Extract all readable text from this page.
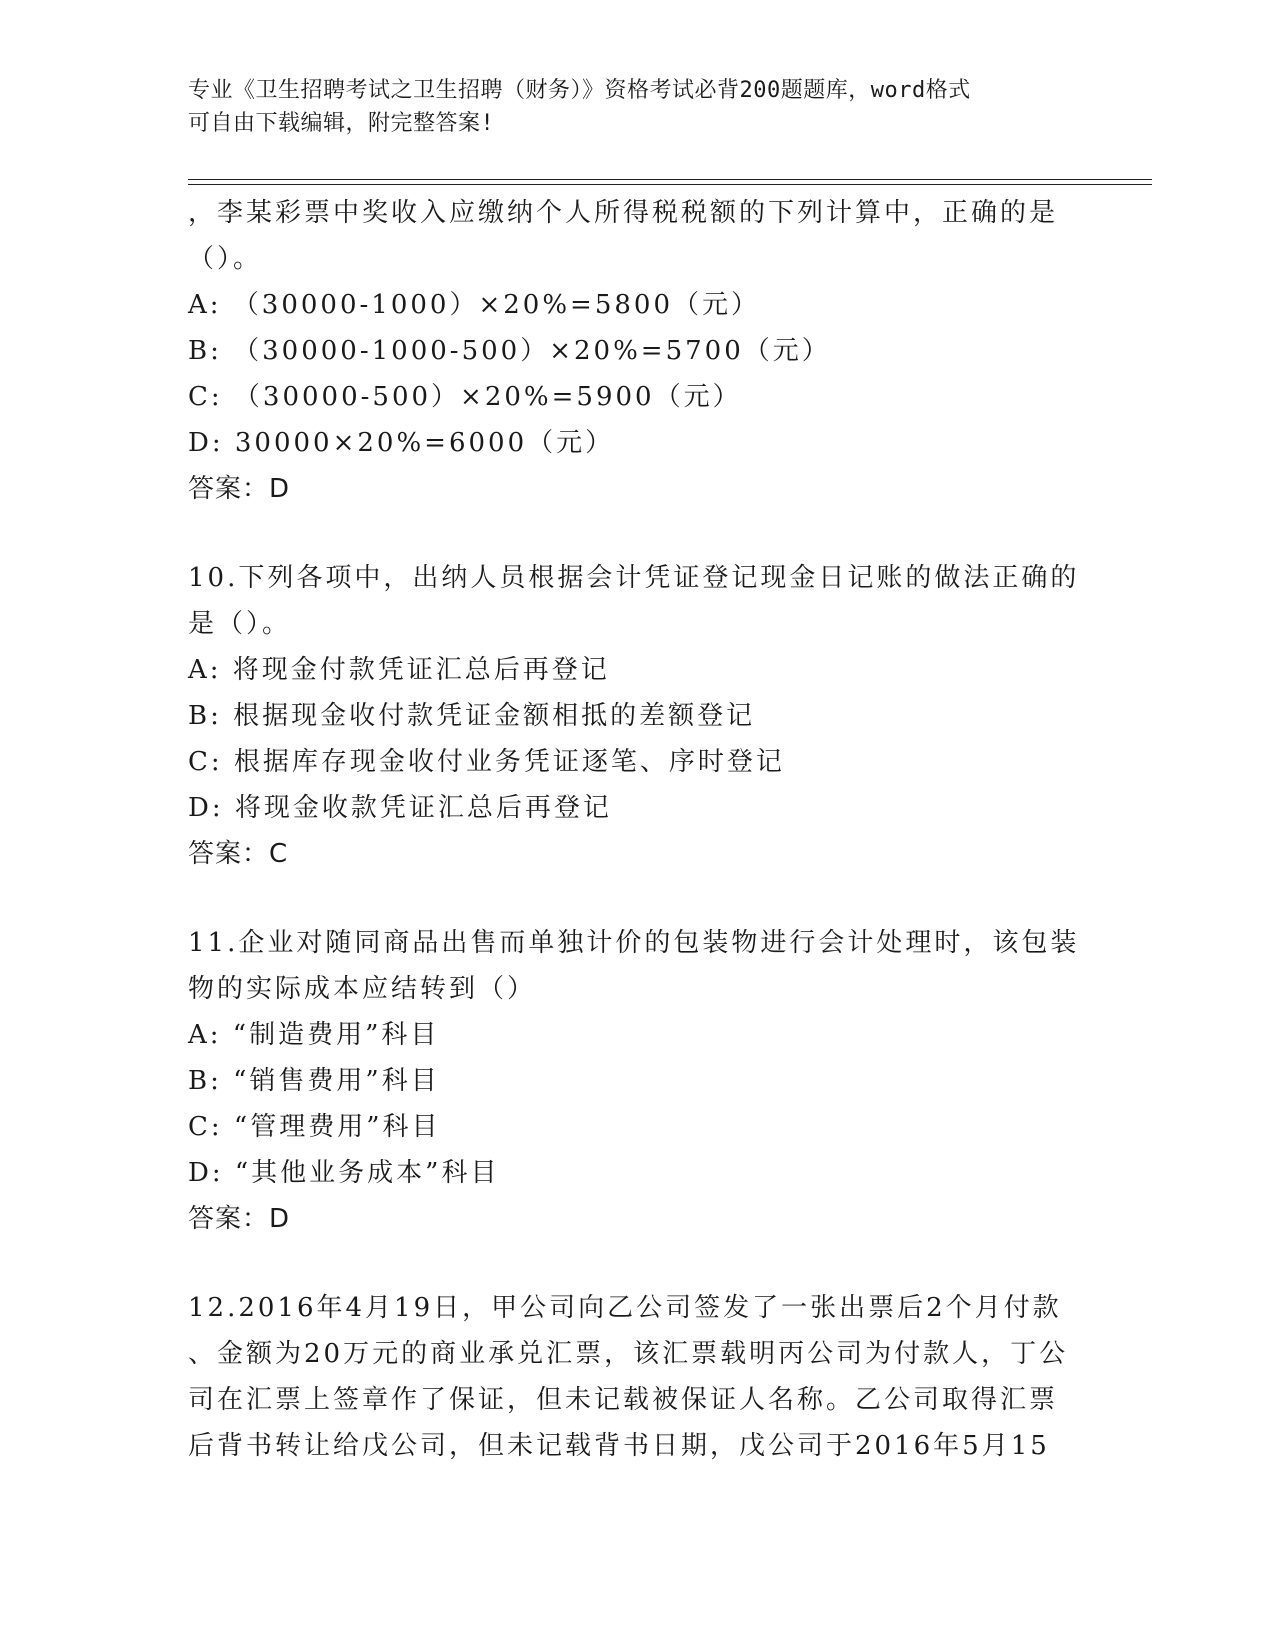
专业《卫生招聘考试之卫生招聘（财务）》资格考试必背200题题库，word格式
可自由下载编辑，附完整答案!
，李某彩票中奖收入应缴纳个人所得税税额的下列计算中，正确的是
（）。
A: （30000-1000）×20%=5800（元）
B: （30000-1000-500）×20%=5700（元）
C: （30000-500）×20%=5900（元）
D: 30000×20%=6000（元）
答案：D
10.下列各项中，出纳人员根据会计凭证登记现金日记账的做法正确的
是（）。
A: 将现金付款凭证汇总后再登记
B: 根据现金收付款凭证金额相抵的差额登记
C: 根据库存现金收付业务凭证逐笔、序时登记
D: 将现金收款凭证汇总后再登记
答案：C
11.企业对随同商品出售而单独计价的包装物进行会计处理时，该包装
物的实际成本应结转到（）
A: “制造费用”科目
B: “销售费用”科目
C: “管理费用”科目
D: “其他业务成本”科目
答案：D
12.2016年4月19日，甲公司向乙公司签发了一张出票后2个月付款
、金额为20万元的商业承兑汇票，该汇票载明丙公司为付款人，丁公
司在汇票上签章作了保证，但未记载被保证人名称。乙公司取得汇票
后背书转让给戊公司，但未记载背书日期，戊公司于2016年5月15
